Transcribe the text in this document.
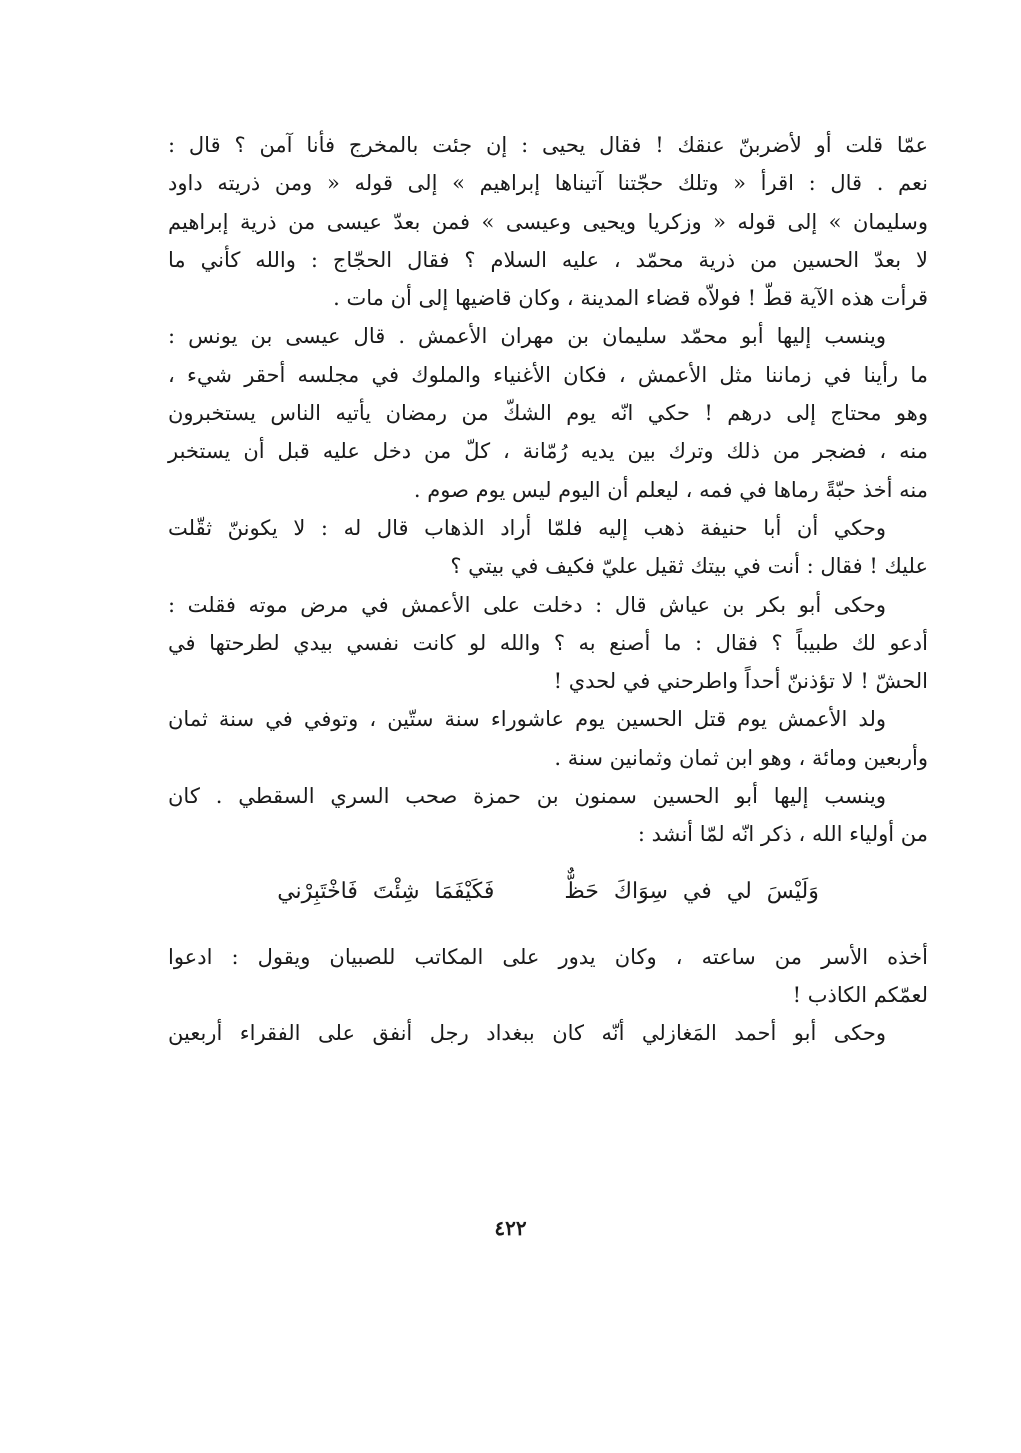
عمّا قلت أو لأضربنّ عنقك ! فقال يحيى : إن جئت بالمخرج فأنا آمن ؟ قال :
نعم . قال : اقرأ « وتلك حجّتنا آتيناها إبراهيم » إلى قوله « ومن ذريته داود
وسليمان » إلى قوله « وزكريا ويحيى وعيسى » فمن بعدّ عيسى من ذرية إبراهيم
لا بعدّ الحسين من ذرية محمّد ، عليه السلام ؟ فقال الحجّاج : والله كأني ما
قرأت هذه الآية قطّ ! فولاّه قضاء المدينة ، وكان قاضيها إلى أن مات .
وينسب إليها أبو محمّد سليمان بن مهران الأعمش . قال عيسى بن يونس :
ما رأينا في زماننا مثل الأعمش ، فكان الأغنياء والملوك في مجلسه أحقر شيء ،
وهو محتاج إلى درهم ! حكي انّه يوم الشكّ من رمضان يأتيه الناس يستخبرون
منه ، فضجر من ذلك وترك بين يديه رُمّانة ، كلّ من دخل عليه قبل أن يستخبر
منه أخذ حبّةً رماها في فمه ، ليعلم أن اليوم ليس يوم صوم .
وحكي أن أبا حنيفة ذهب إليه فلمّا أراد الذهاب قال له : لا يكوننّ ثقّلت
عليك ! فقال : أنت في بيتك ثقيل عليّ فكيف في بيتي ؟
وحكى أبو بكر بن عياش قال : دخلت على الأعمش في مرض موته فقلت :
أدعو لك طبيباً ؟ فقال : ما أصنع به ؟ والله لو كانت نفسي بيدي لطرحتها في
الحشّ ! لا تؤذننّ أحداً واطرحني في لحدي !
ولد الأعمش يوم قتل الحسين يوم عاشوراء سنة ستّين ، وتوفي في سنة ثمان
وأربعين ومائة ، وهو ابن ثمان وثمانين سنة .
وينسب إليها أبو الحسين سمنون بن حمزة صحب السري السقطي . كان
من أولياء الله ، ذكر انّه لمّا أنشد :
وَلَيْسَ لي في سِوَاكَ حَظٌّ  فَكَيْفَمَا شِئْتَ فَاخْتَبِرْني
أخذه الأسر من ساعته ، وكان يدور على المكاتب للصبيان ويقول : ادعوا
لعمّكم الكاذب !
وحكى أبو أحمد المَغازلي أنّه كان ببغداد رجل أنفق على الفقراء أربعين
٤٢٢
